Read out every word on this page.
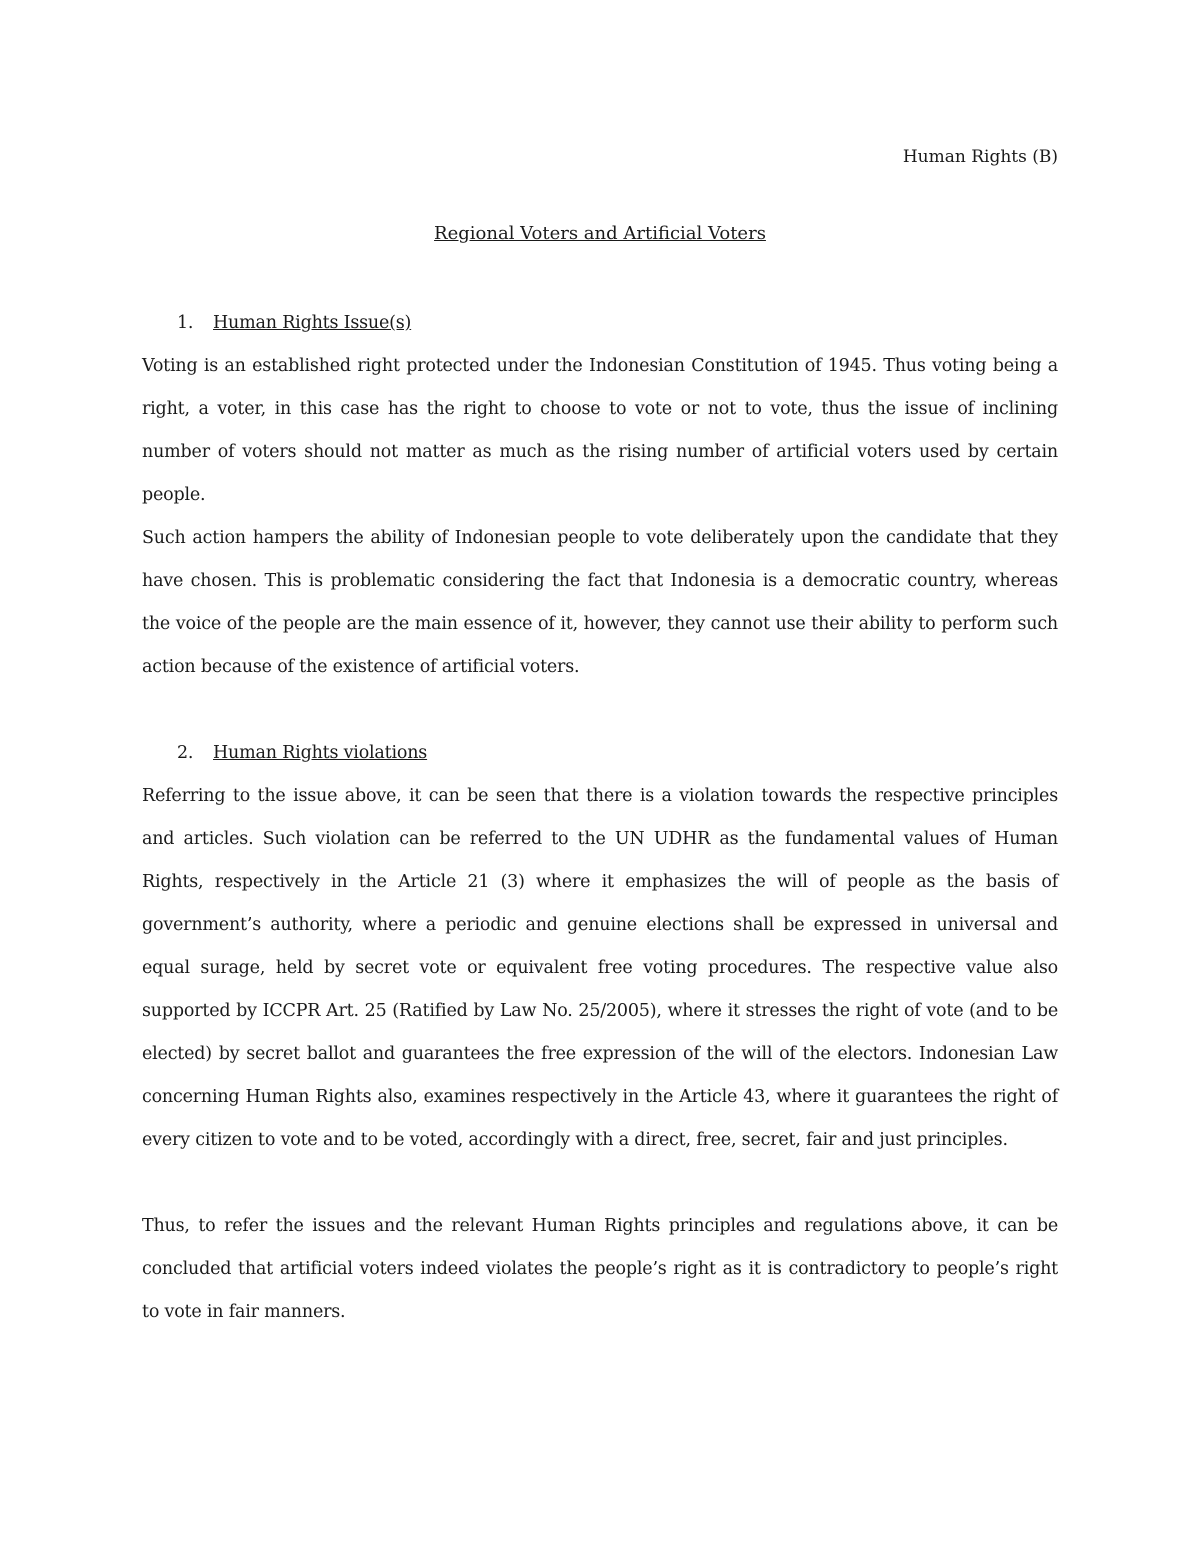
Human Rights (B)
Regional Voters and Artificial Voters
1.	Human Rights Issue(s)

Voting is an established right protected under the Indonesian Constitution of 1945. Thus voting being a right, a voter, in this case has the right to choose to vote or not to vote, thus the issue of inclining number of voters should not matter as much as the rising number of artificial voters used by certain people.

Such action hampers the ability of Indonesian people to vote deliberately upon the candidate that they have chosen. This is problematic considering the fact that Indonesia is a democratic country, whereas the voice of the people are the main essence of it, however, they cannot use their ability to perform such action because of the existence of artificial voters.

2.	Human Rights violations

Referring to the issue above, it can be seen that there is a violation towards the respective principles and articles. Such violation can be referred to the UN UDHR as the fundamental values of Human Rights, respectively in the Article 21 (3) where it emphasizes the will of people as the basis of government’s authority, where a periodic and genuine elections shall be expressed in universal and equal surage, held by secret vote or equivalent free voting procedures. The respective value also supported by ICCPR Art. 25 (Ratified by Law No. 25/2005), where it stresses the right of vote (and to be elected) by secret ballot and guarantees the free expression of the will of the electors. Indonesian Law concerning Human Rights also, examines respectively in the Article 43, where it guarantees the right of every citizen to vote and to be voted, accordingly with a direct, free, secret, fair and just principles.

Thus, to refer the issues and the relevant Human Rights principles and regulations above, it can be concluded that artificial voters indeed violates the people’s right as it is contradictory to people’s right to vote in fair manners.
